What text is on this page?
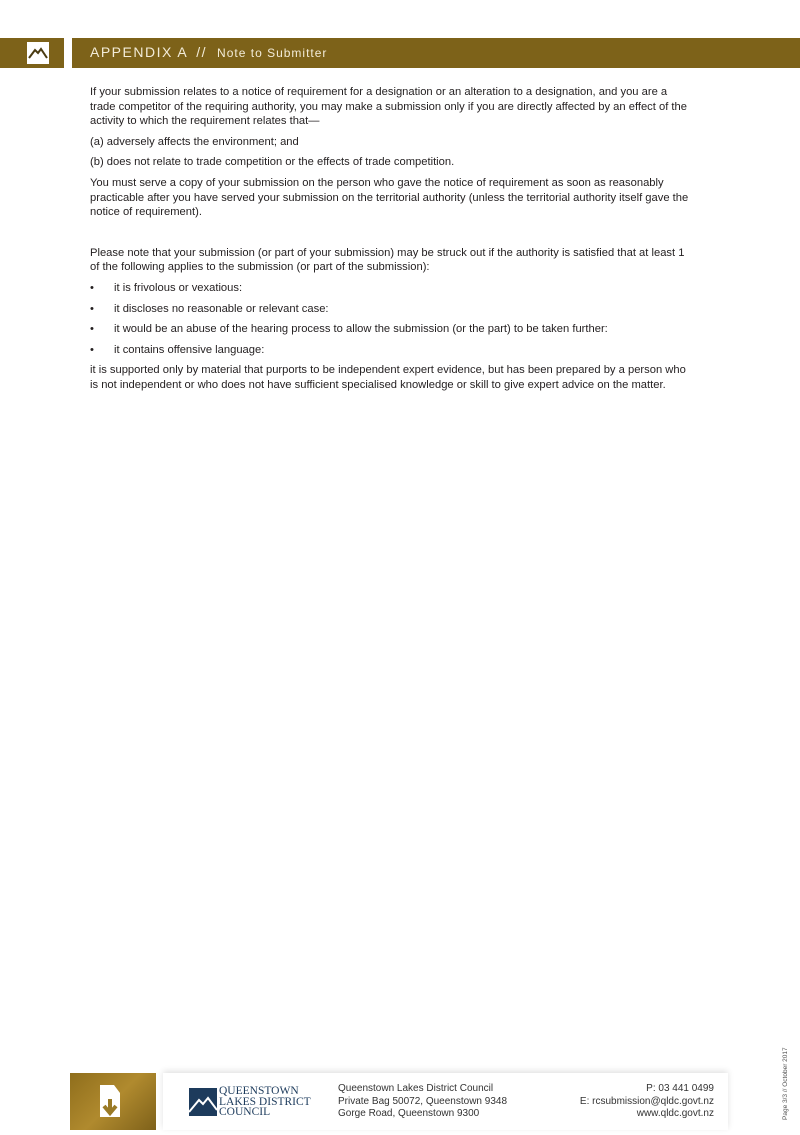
APPENDIX A // Note to Submitter

If your submission relates to a notice of requirement for a designation or an alteration to a designation, and you are a trade competitor of the requiring authority, you may make a submission only if you are directly affected by an effect of the activity to which the requirement relates that—

(a) adversely affects the environment; and

(b) does not relate to trade competition or the effects of trade competition.

You must serve a copy of your submission on the person who gave the notice of requirement as soon as reasonably practicable after you have served your submission on the territorial authority (unless the territorial authority itself gave the notice of requirement).

Please note that your submission (or part of your submission) may be struck out if the authority is satisfied that at least 1 of the following applies to the submission (or part of the submission):

• it is frivolous or vexatious:
• it discloses no reasonable or relevant case:
• it would be an abuse of the hearing process to allow the submission (or the part) to be taken further:
• it contains offensive language:

it is supported only by material that purports to be independent expert evidence, but has been prepared by a person who is not independent or who does not have sufficient specialised knowledge or skill to give expert advice on the matter.

QUEENSTOWN
LAKES DISTRICT
COUNCIL
Queenstown Lakes District Council
Private Bag 50072, Queenstown 9348
Gorge Road, Queenstown 9300
P: 03 441 0499
E: rcsubmission@qldc.govt.nz
www.qldc.govt.nz	Page 3/3 // October 2017
